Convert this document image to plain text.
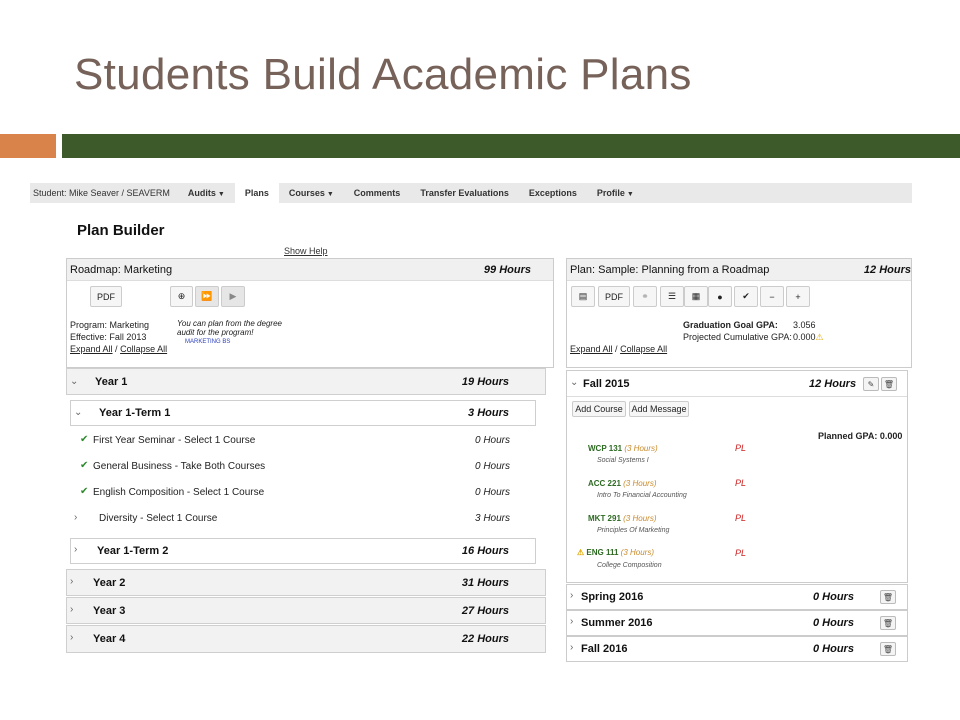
Students Build Academic Plans
Student: Mike Seaver / SEAVERM	Audits ▼	Plans	Courses ▼	Comments	Transfer Evaluations	Exceptions	Profile ▼
Plan Builder
Show Help
Roadmap: Marketing	99 Hours
PDF	⊕ ⏩ ▶
Program: Marketing
Effective: Fall 2013
Expand All / Collapse All
You can plan from the degree
audit for the program!
MARKETING BS
⌄ Year 1	19 Hours
⌄ Year 1-Term 1	3 Hours
✔ First Year Seminar - Select 1 Course	0 Hours
✔ General Business - Take Both Courses	0 Hours
✔ English Composition - Select 1 Course	0 Hours
› Diversity - Select 1 Course	3 Hours
› Year 1-Term 2	16 Hours
› Year 2	31 Hours
› Year 3	27 Hours
› Year 4	22 Hours
Plan: Sample: Planning from a Roadmap	12 Hours
▤	PDF	⚭ ☰ ▦ ● ✔ − +
Graduation Goal GPA: 3.056
Projected Cumulative GPA: 0.000⚠
Expand All / Collapse All
⌄ Fall 2015	12 Hours ✎ 🗑
Add Course Add Message
Planned GPA: 0.000
WCP 131 (3 Hours)
Social Systems I
PL
ACC 221 (3 Hours)
Intro To Financial Accounting
PL
MKT 291 (3 Hours)
Principles Of Marketing
PL
⚠ ENG 111 (3 Hours)
College Composition
PL
› Spring 2016	0 Hours	🗑
› Summer 2016	0 Hours	🗑
› Fall 2016	0 Hours	🗑
